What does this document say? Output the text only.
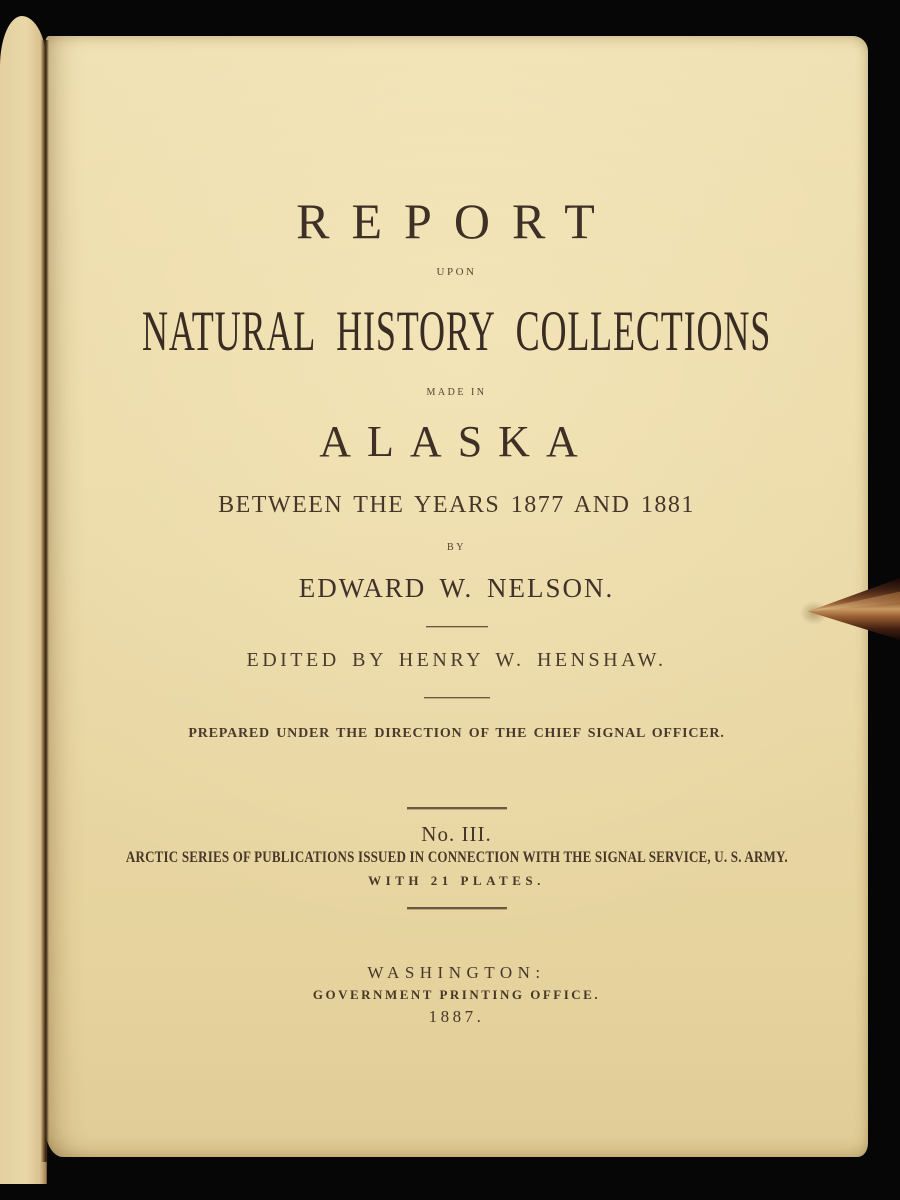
REPORT
UPON
NATURAL HISTORY COLLECTIONS
MADE IN
ALASKA
BETWEEN THE YEARS 1877 AND 1881
BY
EDWARD W. NELSON.
EDITED BY HENRY W. HENSHAW.
PREPARED UNDER THE DIRECTION OF THE CHIEF SIGNAL OFFICER.
No. III.
ARCTIC SERIES OF PUBLICATIONS ISSUED IN CONNECTION WITH THE SIGNAL SERVICE, U. S. ARMY.
WITH 21 PLATES.
WASHINGTON:
GOVERNMENT PRINTING OFFICE.
1887.
